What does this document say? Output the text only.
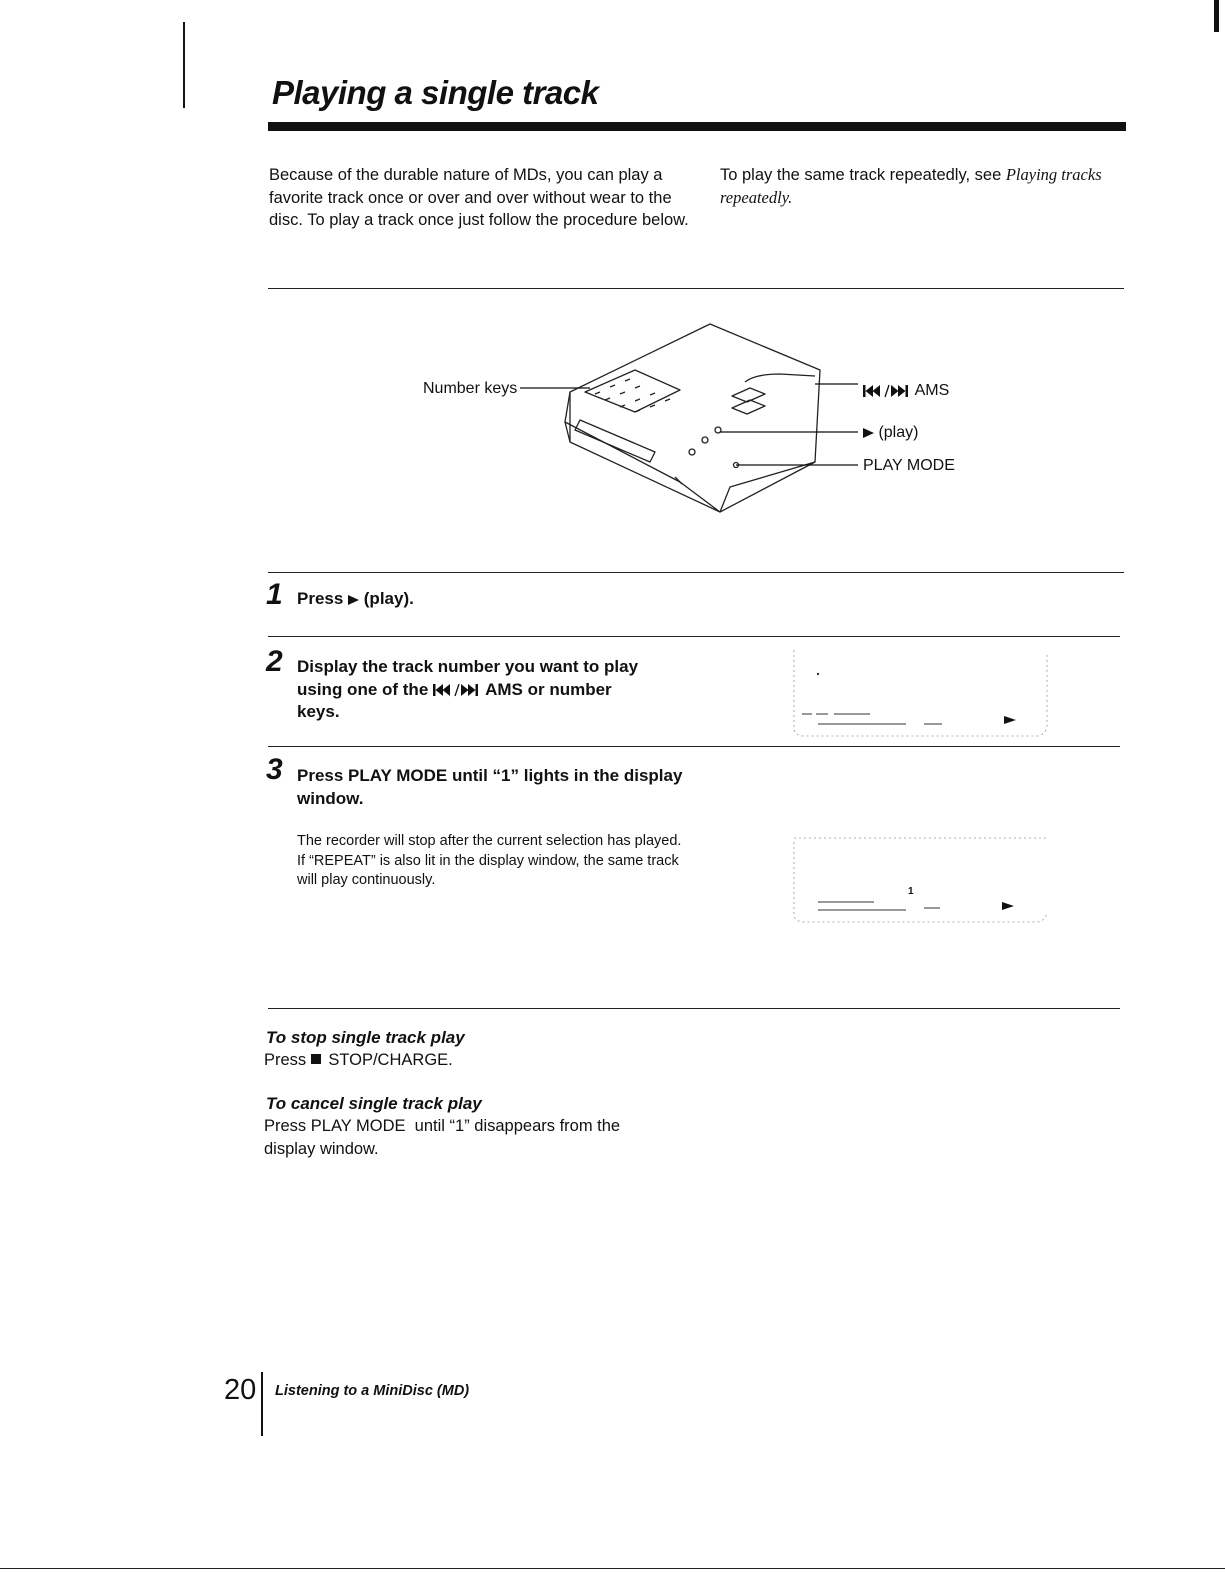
Playing a single track
Because of the durable nature of MDs, you can play a favorite track once or over and over without wear to the disc. To play a track once just follow the procedure below.
To play the same track repeatedly, see Playing tracks repeatedly.
Number keys	AMS
(play)
PLAY MODE
1 Press  (play).
2 Display the track number you want to play
using one of the	AMS or number
keys.
3 Press PLAY MODE until “1” lights in the display window.
The recorder will stop after the current selection has played. If “REPEAT” is also lit in the display window, the same track will play continuously.
1
To stop single track play
Press  STOP/CHARGE.
To cancel single track play
Press PLAY MODE  until “1” disappears from the display window.
20 Listening to a MiniDisc (MD)
